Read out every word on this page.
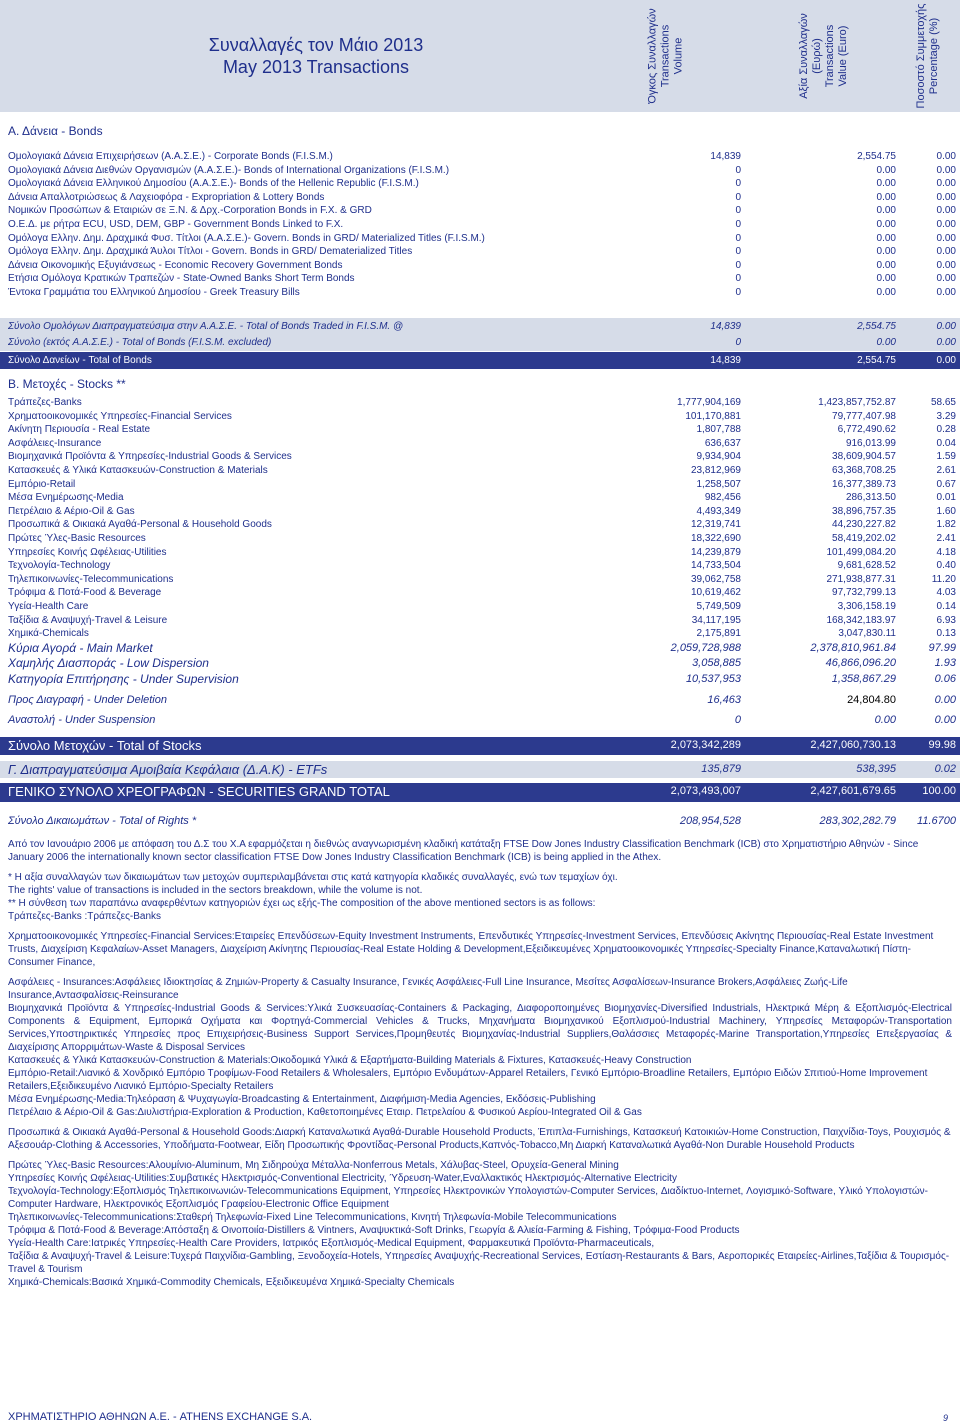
Συναλλαγές τον Μάιο 2013
May 2013 Transactions	Όγκος Συναλλαγών Transactions Volume	Αξία Συναλλαγών (Ευρώ) Transactions Value (Euro)	Ποσοστό Συμμετοχής Percentage (%)
Α. Δάνεια - Bonds
Ομολογιακά Δάνεια Επιχειρήσεων (Α.Α.Σ.Ε.) - Corporate Bonds (F.I.S.M.)	14,839	2,554.75	0.00
Ομολογιακά Δάνεια Διεθνών Οργανισμών (Α.Α.Σ.Ε.)- Bonds of International Organizations (F.I.S.M.)	0	0.00	0.00
Ομολογιακά Δάνεια Ελληνικού Δημοσίου (Α.Α.Σ.Ε.)- Bonds of the Hellenic Republic (F.I.S.M.)	0	0.00	0.00
Δάνεια Απαλλοτριώσεως & Λαχειοφόρα - Expropriation & Lottery Bonds	0	0.00	0.00
Νομικών Προσώπων & Εταιριών σε Ξ.Ν. & Δρχ.-Corporation Bonds in F.X. & GRD	0	0.00	0.00
Ο.Ε.Δ. με ρήτρα ECU, USD, DEM, GBP - Government Bonds Linked to F.X.	0	0.00	0.00
Ομόλογα Ελλην. Δημ. Δραχμικά Φυσ. Τίτλοι (Α.Α.Σ.Ε.)- Govern. Bonds in GRD/ Materialized Titles (F.I.S.M.)	0	0.00	0.00
Ομόλογα Ελλην. Δημ. Δραχμικά Άυλοι Τίτλοι - Govern. Bonds in GRD/ Dematerialized Titles	0	0.00	0.00
Δάνεια Οικονομικής Εξυγιάνσεως - Economic Recovery Government Bonds	0	0.00	0.00
Ετήσια Ομόλογα Κρατικών Τραπεζών - State-Owned Banks Short Term Bonds	0	0.00	0.00
Έντοκα Γραμμάτια του Ελληνικού Δημοσίου - Greek Treasury Bills	0	0.00	0.00
Σύνολο Ομολόγων Διαπραγματεύσιμα στην Α.Α.Σ.Ε. - Total of Bonds Traded in F.I.S.M. @	14,839	2,554.75	0.00
Σύνολο (εκτός Α.Α.Σ.Ε.) - Total of Bonds (F.I.S.M. excluded)	0	0.00	0.00
Σύνολο Δανείων - Total of Bonds	14,839	2,554.75	0.00
Β. Μετοχές - Stocks **
Τράπεζες-Banks	1,777,904,169	1,423,857,752.87	58.65
Χρηματοοικονομικές Υπηρεσίες-Financial Services	101,170,881	79,777,407.98	3.29
Ακίνητη Περιουσία - Real Estate	1,807,788	6,772,490.62	0.28
Ασφάλειες-Insurance	636,637	916,013.99	0.04
Βιομηχανικά Προϊόντα & Υπηρεσίες-Industrial Goods & Services	9,934,904	38,609,904.57	1.59
Κατασκευές & Υλικά Κατασκευών-Construction & Materials	23,812,969	63,368,708.25	2.61
Εμπόριο-Retail	1,258,507	16,377,389.73	0.67
Μέσα Ενημέρωσης-Media	982,456	286,313.50	0.01
Πετρέλαιο & Αέριο-Oil & Gas	4,493,349	38,896,757.35	1.60
Προσωπικά & Οικιακά Αγαθά-Personal & Household Goods	12,319,741	44,230,227.82	1.82
Πρώτες Ύλες-Basic Resources	18,322,690	58,419,202.02	2.41
Υπηρεσίες Κοινής Ωφέλειας-Utilities	14,239,879	101,499,084.20	4.18
Τεχνολογία-Technology	14,733,504	9,681,628.52	0.40
Τηλεπικοινωνίες-Telecommunications	39,062,758	271,938,877.31	11.20
Τρόφιμα & Ποτά-Food & Beverage	10,619,462	97,732,799.13	4.03
Υγεία-Health Care	5,749,509	3,306,158.19	0.14
Ταξίδια & Αναψυχή-Travel & Leisure	34,117,195	168,342,183.97	6.93
Χημικά-Chemicals	2,175,891	3,047,830.11	0.13
Κύρια Αγορά - Main Market	2,059,728,988	2,378,810,961.84	97.99
Χαμηλής Διασποράς - Low Dispersion	3,058,885	46,866,096.20	1.93
Κατηγορία Επιτήρησης - Under Supervision	10,537,953	1,358,867.29	0.06
Προς Διαγραφή - Under Deletion	16,463	24,804.80	0.00
Αναστολή - Under Suspension	0	0.00	0.00
Σύνολο Μετοχών - Total of Stocks	2,073,342,289	2,427,060,730.13	99.98
Γ. Διαπραγματεύσιμα Αμοιβαία Κεφάλαια (Δ.Α.Κ) - ETFs	135,879	538,395	0.02
ΓΕΝΙΚΟ ΣΥΝΟΛΟ ΧΡΕΟΓΡΑΦΩΝ - SECURITIES GRAND TOTAL	2,073,493,007	2,427,601,679.65 100.00
Σύνολο Δικαιωμάτων - Total of Rights *	208,954,528	283,302,282.79 11.6700

Από τον Ιανουάριο 2006 με απόφαση του Δ.Σ του Χ.Α εφαρμόζεται η διεθνώς αναγνωρισμένη κλαδική κατάταξη FTSE Dow Jones Industry Classification Benchmark (ICB) στο Χρηματιστήριο Αθηνών - Since January 2006 the internationally known sector classification FTSE Dow Jones Industry Classification Benchmark (ICB) is being applied in the Athex.

* Η αξία συναλλαγών των δικαιωμάτων των μετοχών συμπεριλαμβάνεται στις κατά κατηγορία κλαδικές συναλλαγές, ενώ των τεμαχίων όχι.

The rights' value of transactions is included in the sectors breakdown, while the volume is not.

** Η σύνθεση των παραπάνω αναφερθέντων κατηγοριών έχει ως εξής-The composition of the above mentioned sectors is as follows:

Τράπεζες-Banks :Τράπεζες-Banks

Χρηματοοικονομικές Υπηρεσίες-Financial Services:Εταιρείες Επενδύσεων-Equity Investment Instruments, Επενδυτικές Υπηρεσίες-Investment Services, Επενδύσεις Ακίνητης Περιουσίας-Real Estate Investment Trusts, Διαχείριση Κεφαλαίων-Asset Managers, Διαχείριση Ακίνητης Περιουσίας-Real Estate Holding & Development,Εξειδικευμένες Χρηματοοικονομικές Υπηρεσίες-Specialty Finance,Καταναλωτική Πίστη-Consumer Finance,

Ασφάλειες - Insurances:Ασφάλειες Ιδιοκτησίας & Ζημιών-Property & Casualty Insurance, Γενικές Ασφάλειες-Full Line Insurance, Μεσίτες Ασφαλίσεων-Insurance Brokers,Ασφάλειες Ζωής-Life Insurance,Αντασφαλίσεις-Reinsurance

Βιομηχανικά Προϊόντα & Υπηρεσίες-Industrial Goods & Services:Υλικά Συσκευασίας-Containers & Packaging, Διαφοροποιημένες Βιομηχανίες-Diversified Industrials, Ηλεκτρικά Μέρη & Εξοπλισμός-Electrical Components & Equipment, Εμπορικά Οχήματα και Φορτηγά-Commercial Vehicles & Trucks, Μηχανήματα Βιομηχανικού Εξοπλισμού-Industrial Machinery, Υπηρεσίες Μεταφορών-Transportation Services,Υποστηρικτικές Υπηρεσίες προς Επιχειρήσεις-Business Support Services,Προμηθευτές Βιομηχανίας-Industrial Suppliers,Θαλάσσιες Μεταφορές-Marine Transportation,Υπηρεσίες Επεξεργασίας & Διαχείρισης Απορριμάτων-Waste & Disposal Services

Κατασκευές & Υλικά Κατασκευών-Construction & Materials:Οικοδομικά Υλικά & Εξαρτήματα-Building Materials & Fixtures, Κατασκευές-Heavy Construction

Εμπόριο-Retail:Λιανικό & Χονδρικό Εμπόριο Τροφίμων-Food Retailers & Wholesalers, Εμπόριο Ενδυμάτων-Apparel Retailers, Γενικό Εμπόριο-Broadline Retailers, Εμπόριο Ειδών Σπιτιού-Home Improvement Retailers,Εξειδικευμένο Λιανικό Εμπόριο-Specialty Retailers

Μέσα Ενημέρωσης-Media:Τηλεόραση & Ψυχαγωγία-Broadcasting & Entertainment, Διαφήμιση-Media Agencies, Εκδόσεις-Publishing

Πετρέλαιο & Αέριο-Oil & Gas:Διυλιστήρια-Exploration & Production, Καθετοποιημένες Εταιρ. Πετρελαίου & Φυσικού Αερίου-Integrated Oil & Gas

Προσωπικά & Οικιακά Αγαθά-Personal & Household Goods:Διαρκή Καταναλωτικά Αγαθά-Durable Household Products, Έπιπλα-Furnishings, Κατασκευή Κατοικιών-Home Construction, Παιχνίδια-Toys, Ρουχισμός & Αξεσουάρ-Clothing & Accessories, Υποδήματα-Footwear, Είδη Προσωπικής Φροντίδας-Personal Products,Καπνός-Tobacco,Μη Διαρκή Καταναλωτικά Αγαθά-Non Durable Household Products

Πρώτες Ύλες-Basic Resources:Αλουμίνιο-Aluminum, Μη Σιδηρούχα Μέταλλα-Nonferrous Metals, Χάλυβας-Steel, Ορυχεία-General Mining

Υπηρεσίες Κοινής Ωφέλειας-Utilities:Συμβατικές Ηλεκτρισμός-Conventional Electricity, Ύδρευση-Water,Εναλλακτικός Ηλεκτρισμός-Alternative Electricity

Τεχνολογία-Technology:Εξοπλισμός Τηλεπικοινωνιών-Telecommunications Equipment, Υπηρεσίες Ηλεκτρονικών Υπολογιστών-Computer Services, Διαδίκτυο-Internet, Λογισμικό-Software, Υλικό Υπολογιστών-Computer Hardware, Ηλεκτρονικός Εξοπλισμός Γραφείου-Electronic Office Equipment

Τηλεπικοινωνίες-Telecommunications:Σταθερή Τηλεφωνία-Fixed Line Telecommunications, Κινητή Τηλεφωνία-Mobile Telecommunications

Τρόφιμα & Ποτά-Food & Beverage:Απόσταξη & Οινοποιία-Distillers & Vintners, Αναψυκτικά-Soft Drinks, Γεωργία & Αλιεία-Farming & Fishing, Τρόφιμα-Food Products

Υγεία-Health Care:Ιατρικές Υπηρεσίες-Health Care Providers, Ιατρικός Εξοπλισμός-Medical Equipment, Φαρμακευτικά Προϊόντα-Pharmaceuticals,

Ταξίδια & Αναψυχή-Travel & Leisure:Τυχερά Παιχνίδια-Gambling, Ξενοδοχεία-Hotels, Υπηρεσίες Αναψυχής-Recreational Services, Εστίαση-Restaurants & Bars, Αεροπορικές Εταιρείες-Airlines,Ταξίδια & Τουρισμός-Travel & Tourism

Χημικά-Chemicals:Βασικά Χημικά-Commodity Chemicals, Εξειδικευμένα Χημικά-Specialty Chemicals

ΧΡΗΜΑΤΙΣΤΗΡΙΟ ΑΘΗΝΩΝ Α.Ε. - ATHENS EXCHANGE S.A.	9
